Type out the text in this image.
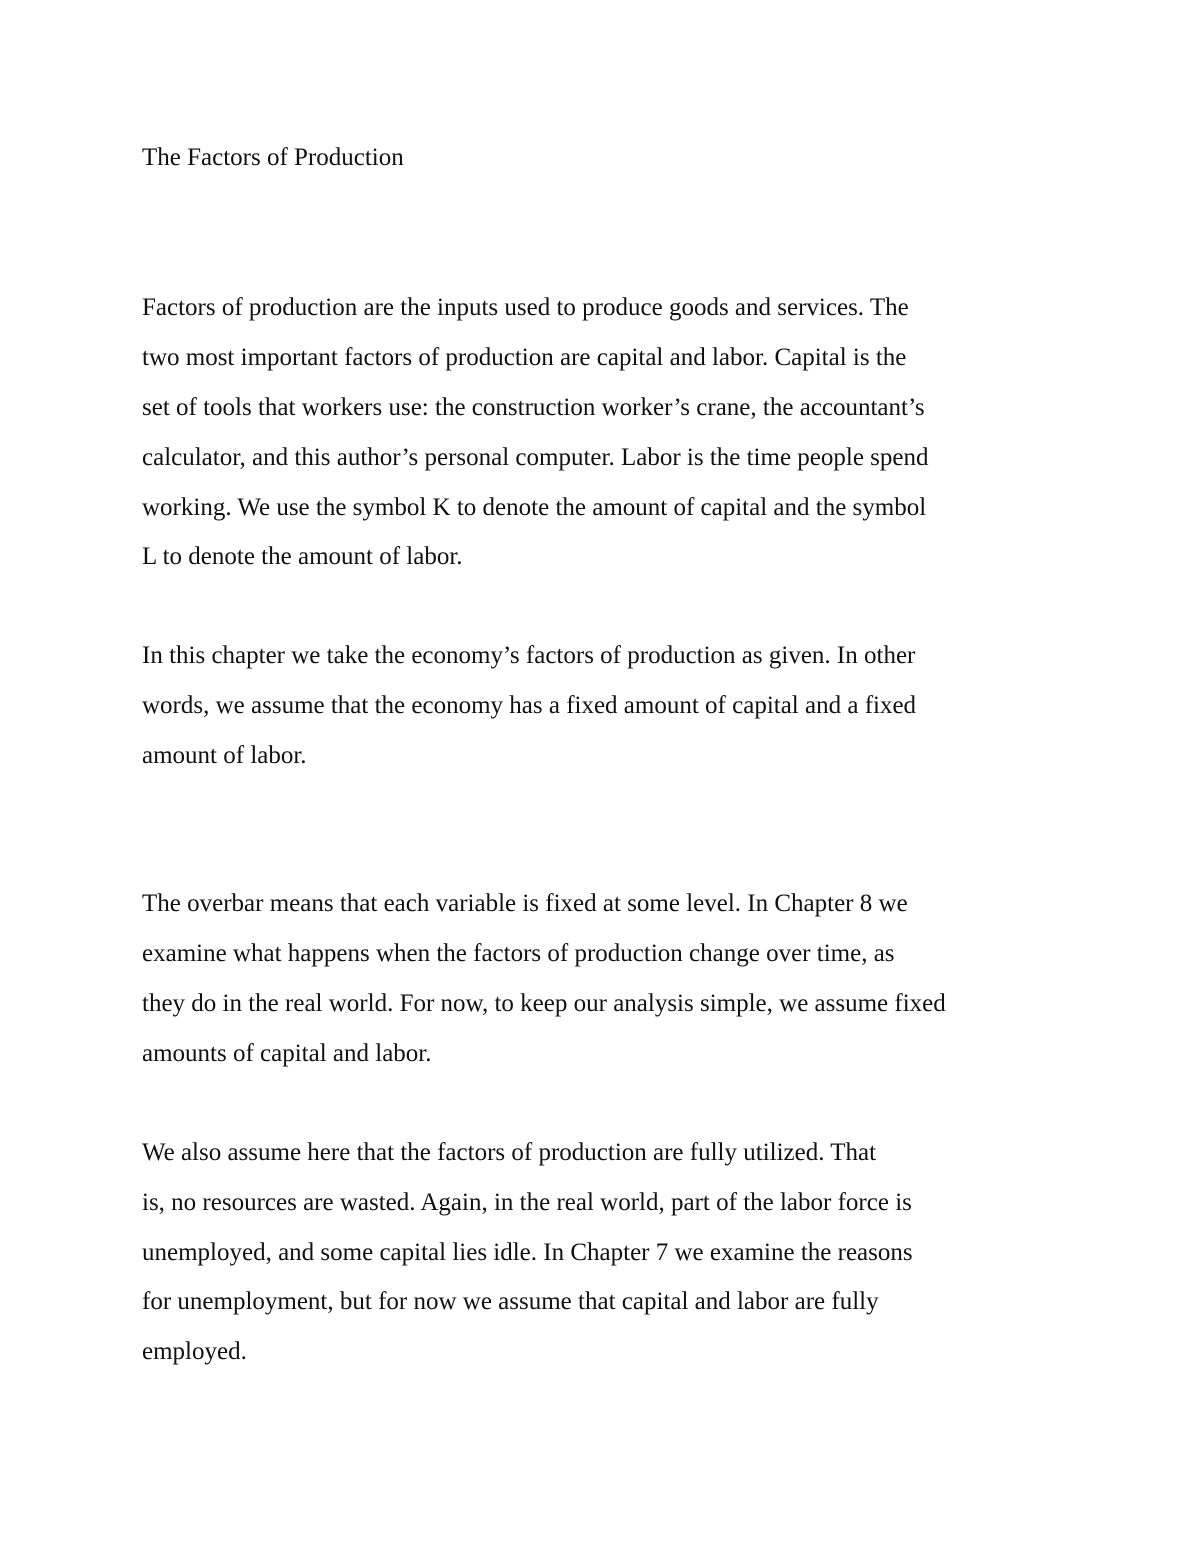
The Factors of Production

Factors of production are the inputs used to produce goods and services. The

two most important factors of production are capital and labor. Capital is the

set of tools that workers use: the construction worker’s crane, the accountant’s

calculator, and this author’s personal computer. Labor is the time people spend

working. We use the symbol K to denote the amount of capital and the symbol

L to denote the amount of labor.

In this chapter we take the economy’s factors of production as given. In other

words, we assume that the economy has a fixed amount of capital and a fixed

amount of labor.

The overbar means that each variable is fixed at some level. In Chapter 8 we

examine what happens when the factors of production change over time, as

they do in the real world. For now, to keep our analysis simple, we assume fixed

amounts of capital and labor.

We also assume here that the factors of production are fully utilized. That

is, no resources are wasted. Again, in the real world, part of the labor force is

unemployed, and some capital lies idle. In Chapter 7 we examine the reasons

for unemployment, but for now we assume that capital and labor are fully

employed.
